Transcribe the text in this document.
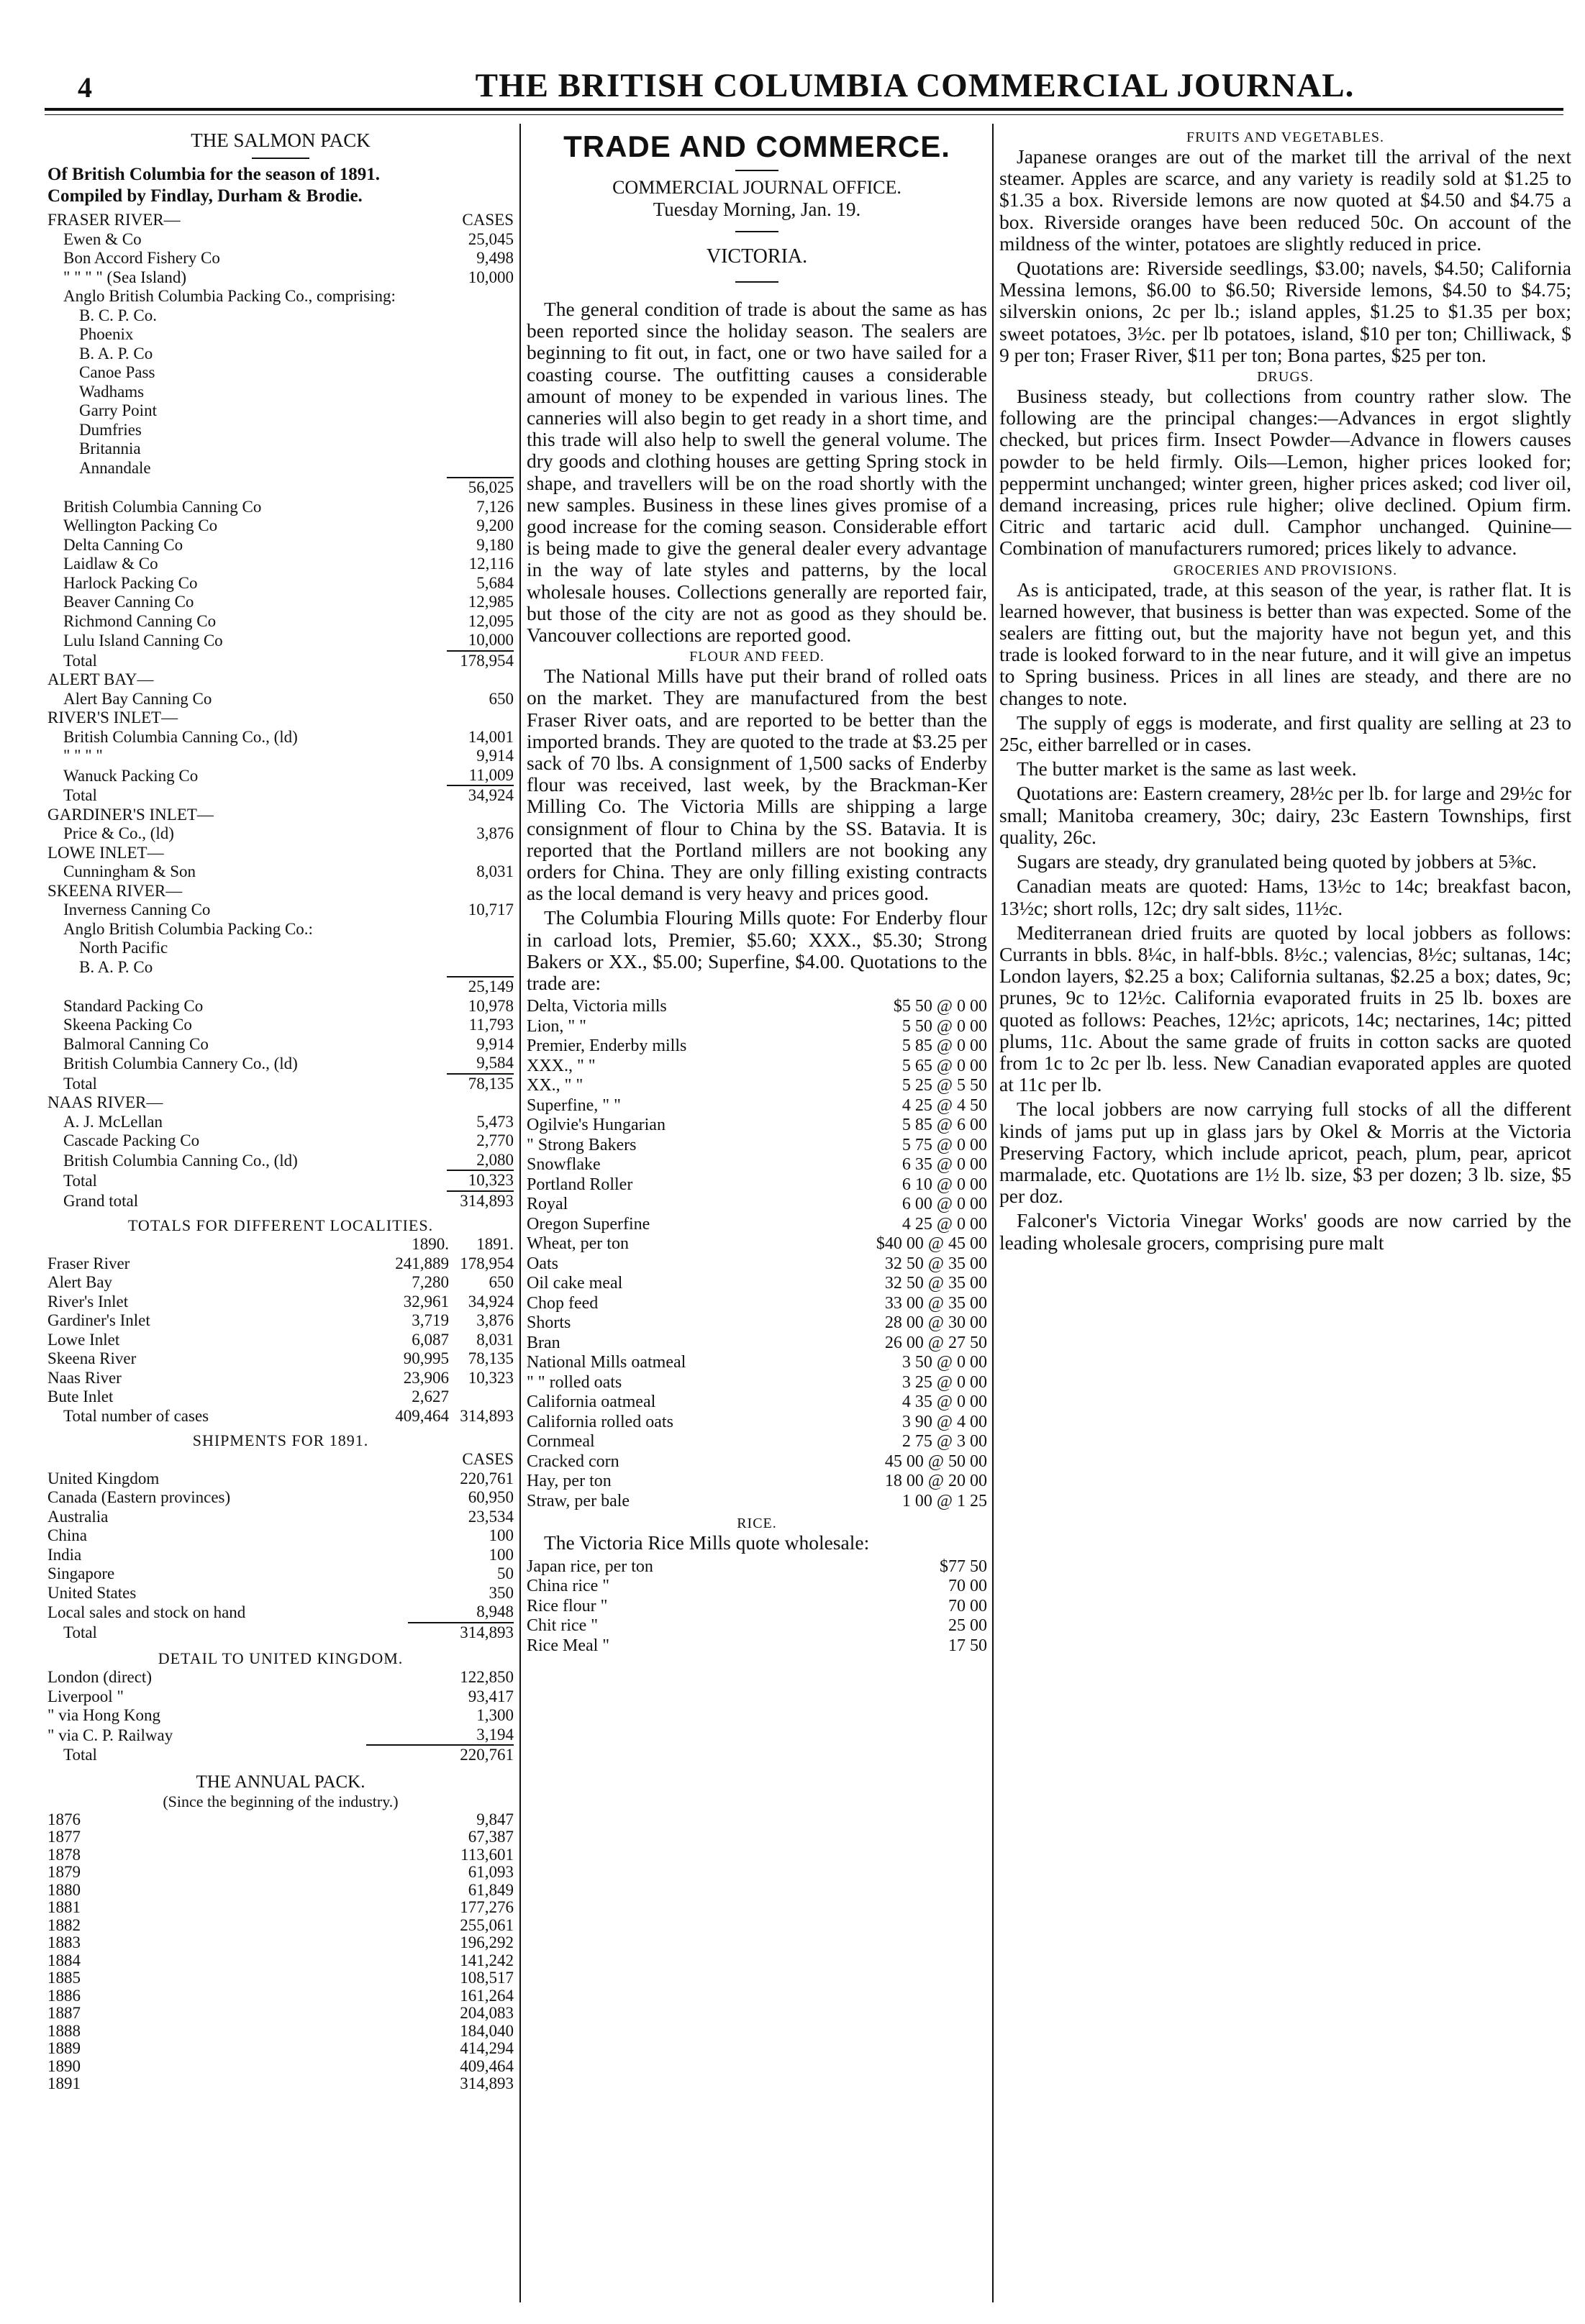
4	THE BRITISH COLUMBIA COMMERCIAL JOURNAL.
THE SALMON PACK
Of British Columbia for the season of 1891.
Compiled by Findlay, Durham & Brodie.
FRASER RIVER—	CASES
Ewen & Co	25,045
Bon Accord Fishery Co	9,498
" " " " (Sea Island)	10,000
Anglo British Columbia Packing Co., comprising:	
B. C. P. Co.	
Phoenix	
B. A. P. Co	
Canoe Pass	
Wadhams	
Garry Point	
Dumfries	
Britannia	
Annandale	
	56,025
British Columbia Canning Co	7,126
Wellington Packing Co	9,200
Delta Canning Co	9,180
Laidlaw & Co	12,116
Harlock Packing Co	5,684
Beaver Canning Co	12,985
Richmond Canning Co	12,095
Lulu Island Canning Co	10,000
Total	178,954
ALERT BAY—	
Alert Bay Canning Co	650
RIVER'S INLET—	
British Columbia Canning Co., (ld)	14,001
" " " "	9,914
Wanuck Packing Co	11,009
Total	34,924
GARDINER'S INLET—	
Price & Co., (ld)	3,876
LOWE INLET—	
Cunningham & Son	8,031
SKEENA RIVER—	
Inverness Canning Co	10,717
Anglo British Columbia Packing Co.:	
North Pacific	
B. A. P. Co	
	25,149
Standard Packing Co	10,978
Skeena Packing Co	11,793
Balmoral Canning Co	9,914
British Columbia Cannery Co., (ld)	9,584
Total	78,135
NAAS RIVER—	
A. J. McLellan	5,473
Cascade Packing Co	2,770
British Columbia Canning Co., (ld)	2,080
Total	10,323
Grand total	314,893
TOTALS FOR DIFFERENT LOCALITIES.
	1890.	1891.
Fraser River	241,889	178,954
Alert Bay	7,280	650
River's Inlet	32,961	34,924
Gardiner's Inlet	3,719	3,876
Lowe Inlet	6,087	8,031
Skeena River	90,995	78,135
Naas River	23,906	10,323
Bute Inlet	2,627	
Total number of cases	409,464	314,893
SHIPMENTS FOR 1891.
	CASES
United Kingdom	220,761
Canada (Eastern provinces)	60,950
Australia	23,534
China	100
India	100
Singapore	50
United States	350
Local sales and stock on hand	8,948
Total	314,893
DETAIL TO UNITED KINGDOM.
London (direct)	122,850
Liverpool "	93,417
" via Hong Kong	1,300
" via C. P. Railway	3,194
Total	220,761
THE ANNUAL PACK.
(Since the beginning of the industry.)
1876	9,847
1877	67,387
1878	113,601
1879	61,093
1880	61,849
1881	177,276
1882	255,061
1883	196,292
1884	141,242
1885	108,517
1886	161,264
1887	204,083
1888	184,040
1889	414,294
1890	409,464
1891	314,893
TRADE AND COMMERCE.
COMMERCIAL JOURNAL OFFICE.
Tuesday Morning, Jan. 19.
VICTORIA.

The general condition of trade is about the same as has been reported since the holiday season. The sealers are beginning to fit out, in fact, one or two have sailed for a coasting course. The outfitting causes a considerable amount of money to be expended in various lines. The canneries will also begin to get ready in a short time, and this trade will also help to swell the general volume. The dry goods and clothing houses are getting Spring stock in shape, and travellers will be on the road shortly with the new samples. Business in these lines gives promise of a good increase for the coming season. Considerable effort is being made to give the general dealer every advantage in the way of late styles and patterns, by the local wholesale houses. Collections generally are reported fair, but those of the city are not as good as they should be. Vancouver collections are reported good.

FLOUR AND FEED.

The National Mills have put their brand of rolled oats on the market. They are manufactured from the best Fraser River oats, and are reported to be better than the imported brands. They are quoted to the trade at $3.25 per sack of 70 lbs. A consignment of 1,500 sacks of Enderby flour was received, last week, by the Brackman-Ker Milling Co. The Victoria Mills are shipping a large consignment of flour to China by the SS. Batavia. It is reported that the Portland millers are not booking any orders for China. They are only filling existing contracts as the local demand is very heavy and prices good.

The Columbia Flouring Mills quote: For Enderby flour in carload lots, Premier, $5.60; XXX., $5.30; Strong Bakers or XX., $5.00; Superfine, $4.00. Quotations to the trade are:

Delta, Victoria mills	$5 50 @ 0 00
Lion, " "	5 50 @ 0 00
Premier, Enderby mills	5 85 @ 0 00
XXX., " "	5 65 @ 0 00
XX., " "	5 25 @ 5 50
Superfine, " "	4 25 @ 4 50
Ogilvie's Hungarian	5 85 @ 6 00
" Strong Bakers	5 75 @ 0 00
Snowflake	6 35 @ 0 00
Portland Roller	6 10 @ 0 00
Royal	6 00 @ 0 00
Oregon Superfine	4 25 @ 0 00
Wheat, per ton	$40 00 @ 45 00
Oats	32 50 @ 35 00
Oil cake meal	32 50 @ 35 00
Chop feed	33 00 @ 35 00
Shorts	28 00 @ 30 00
Bran	26 00 @ 27 50
National Mills oatmeal	3 50 @ 0 00
" " rolled oats	3 25 @ 0 00
California oatmeal	4 35 @ 0 00
California rolled oats	3 90 @ 4 00
Cornmeal	2 75 @ 3 00
Cracked corn	45 00 @ 50 00
Hay, per ton	18 00 @ 20 00
Straw, per bale	1 00 @ 1 25
RICE.

The Victoria Rice Mills quote wholesale:

Japan rice, per ton	$77 50
China rice "	70 00
Rice flour "	70 00
Chit rice "	25 00
Rice Meal "	17 50
FRUITS AND VEGETABLES.

Japanese oranges are out of the market till the arrival of the next steamer. Apples are scarce, and any variety is readily sold at $1.25 to $1.35 a box. Riverside lemons are now quoted at $4.50 and $4.75 a box. Riverside oranges have been reduced 50c. On account of the mildness of the winter, potatoes are slightly reduced in price.

Quotations are: Riverside seedlings, $3.00; navels, $4.50; California Messina lemons, $6.00 to $6.50; Riverside lemons, $4.50 to $4.75; silverskin onions, 2c per lb.; island apples, $1.25 to $1.35 per box; sweet potatoes, 3½c. per lb potatoes, island, $10 per ton; Chilliwack, $ 9 per ton; Fraser River, $11 per ton; Bona partes, $25 per ton.

DRUGS.

Business steady, but collections from country rather slow. The following are the principal changes:—Advances in ergot slightly checked, but prices firm. Insect Powder—Advance in flowers causes powder to be held firmly. Oils—Lemon, higher prices looked for; peppermint unchanged; winter green, higher prices asked; cod liver oil, demand increasing, prices rule higher; olive declined. Opium firm. Citric and tartaric acid dull. Camphor unchanged. Quinine—Combination of manufacturers rumored; prices likely to advance.

GROCERIES AND PROVISIONS.

As is anticipated, trade, at this season of the year, is rather flat. It is learned however, that business is better than was expected. Some of the sealers are fitting out, but the majority have not begun yet, and this trade is looked forward to in the near future, and it will give an impetus to Spring business. Prices in all lines are steady, and there are no changes to note.

The supply of eggs is moderate, and first quality are selling at 23 to 25c, either barrelled or in cases.

The butter market is the same as last week.

Quotations are: Eastern creamery, 28½c per lb. for large and 29½c for small; Manitoba creamery, 30c; dairy, 23c Eastern Townships, first quality, 26c.

Sugars are steady, dry granulated being quoted by jobbers at 5⅜c.

Canadian meats are quoted: Hams, 13½c to 14c; breakfast bacon, 13½c; short rolls, 12c; dry salt sides, 11½c.

Mediterranean dried fruits are quoted by local jobbers as follows: Currants in bbls. 8¼c, in half-bbls. 8½c.; valencias, 8½c; sultanas, 14c; London layers, $2.25 a box; California sultanas, $2.25 a box; dates, 9c; prunes, 9c to 12½c. California evaporated fruits in 25 lb. boxes are quoted as follows: Peaches, 12½c; apricots, 14c; nectarines, 14c; pitted plums, 11c. About the same grade of fruits in cotton sacks are quoted from 1c to 2c per lb. less. New Canadian evaporated apples are quoted at 11c per lb.

The local jobbers are now carrying full stocks of all the different kinds of jams put up in glass jars by Okel & Morris at the Victoria Preserving Factory, which include apricot, peach, plum, pear, apricot marmalade, etc. Quotations are 1½ lb. size, $3 per dozen; 3 lb. size, $5 per doz.

Falconer's Victoria Vinegar Works' goods are now carried by the leading wholesale grocers, comprising pure malt
